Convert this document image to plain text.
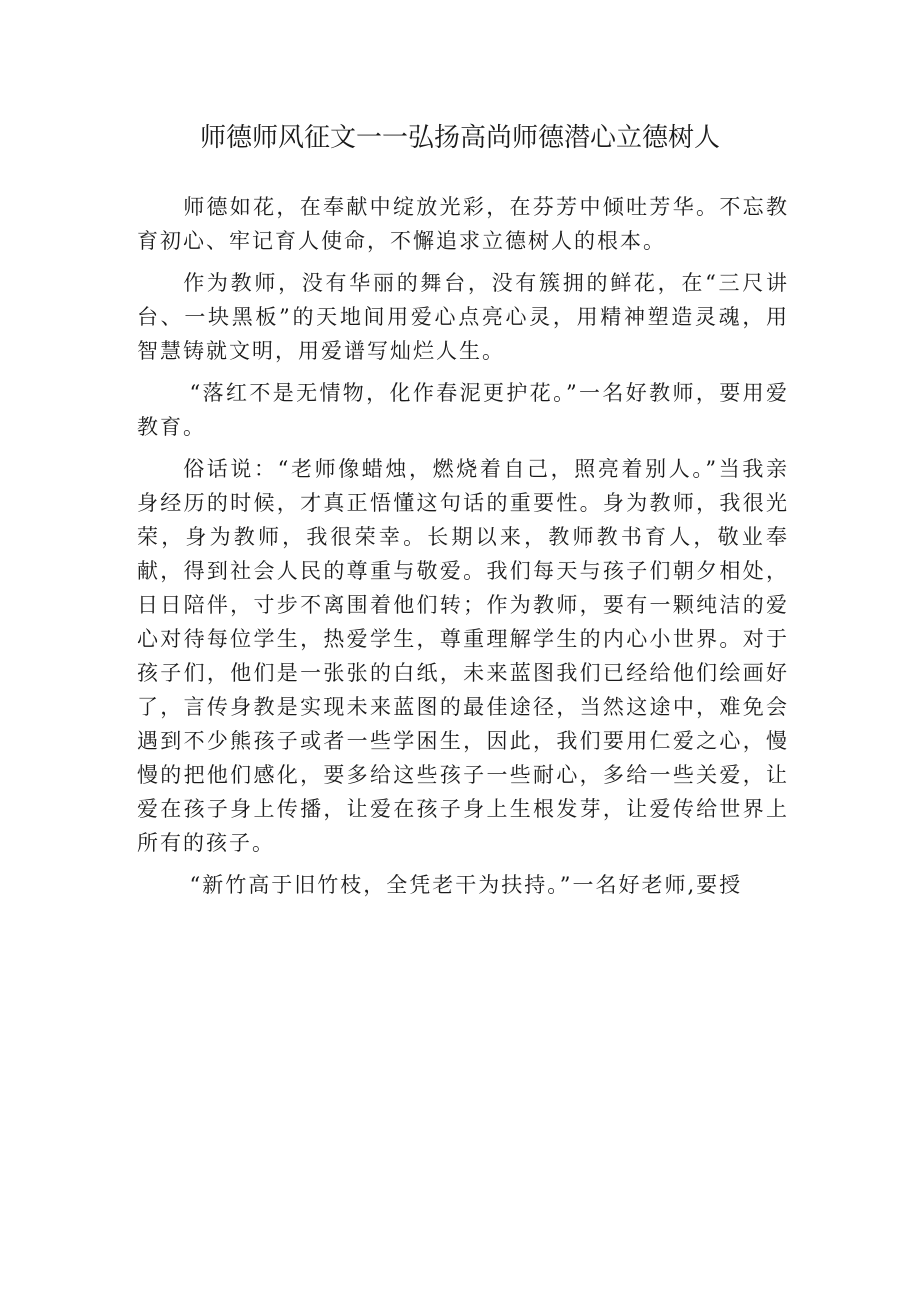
师德师风征文一一弘扬高尚师德潜心立德树人

师德如花，在奉献中绽放光彩，在芬芳中倾吐芳华。不忘教育初心、牢记育人使命，不懈追求立德树人的根本。

作为教师，没有华丽的舞台，没有簇拥的鲜花，在“三尺讲台、一块黑板”的天地间用爱心点亮心灵，用精神塑造灵魂，用智慧铸就文明，用爱谱写灿烂人生。

“落红不是无情物，化作春泥更护花。”一名好教师，要用爱教育。

俗话说：“老师像蜡烛，燃烧着自己，照亮着别人。”当我亲身经历的时候，才真正悟懂这句话的重要性。身为教师，我很光荣，身为教师，我很荣幸。长期以来，教师教书育人，敬业奉献，得到社会人民的尊重与敬爱。我们每天与孩子们朝夕相处，日日陪伴，寸步不离围着他们转；作为教师，要有一颗纯洁的爱心对待每位学生，热爱学生，尊重理解学生的内心小世界。对于孩子们，他们是一张张的白纸，未来蓝图我们已经给他们绘画好了，言传身教是实现未来蓝图的最佳途径，当然这途中，难免会遇到不少熊孩子或者一些学困生，因此，我们要用仁爱之心，慢慢的把他们感化，要多给这些孩子一些耐心，多给一些关爱，让爱在孩子身上传播，让爱在孩子身上生根发芽，让爱传给世界上所有的孩子。

“新竹高于旧竹枝，全凭老干为扶持。”一名好老师,要授
